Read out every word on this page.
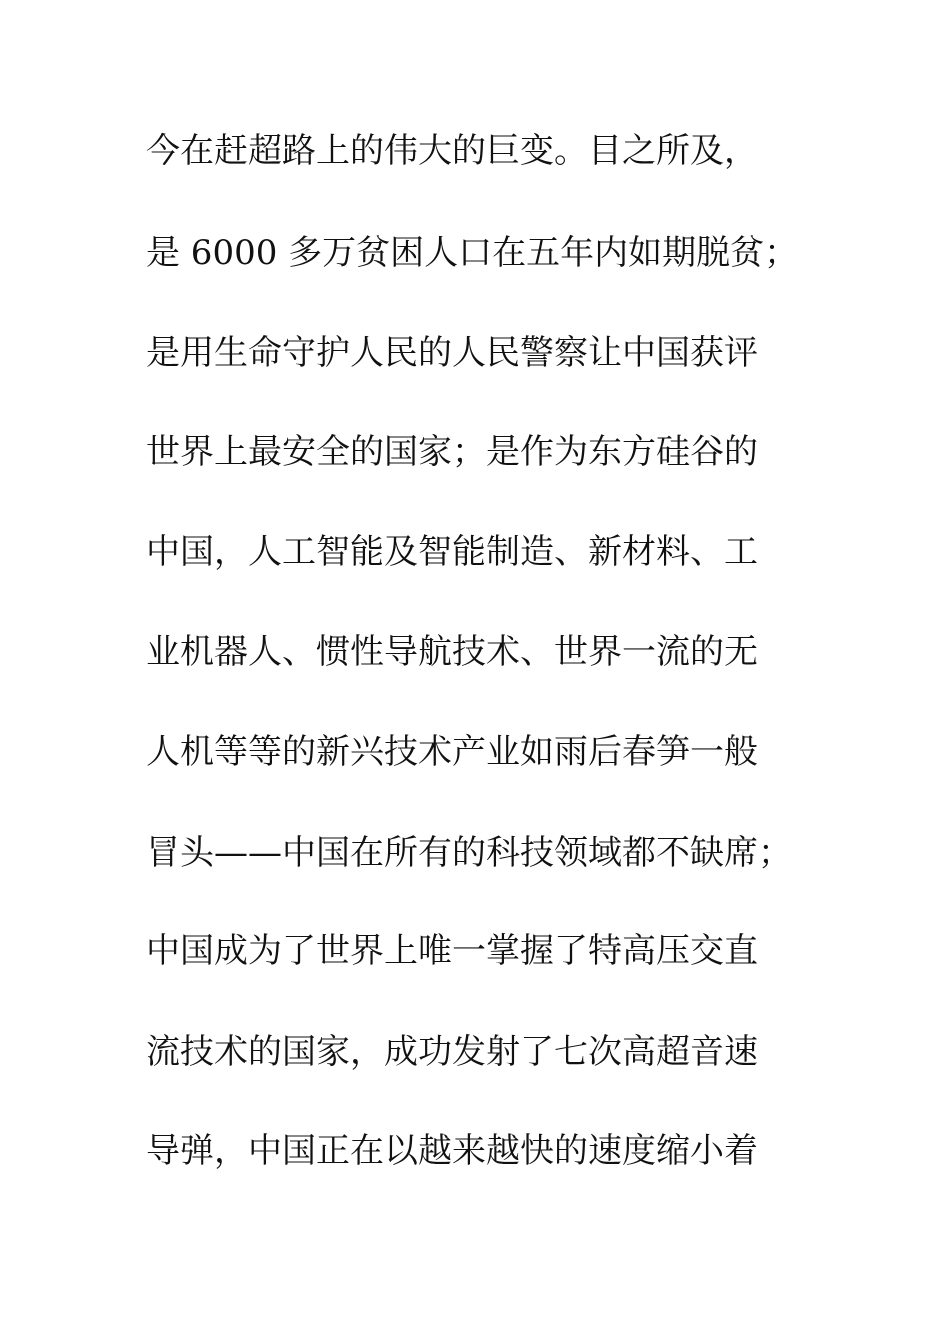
今在赶超路上的伟大的巨变。目之所及，
是 6000 多万贫困人口在五年内如期脱贫；
是用生命守护人民的人民警察让中国获评
世界上最安全的国家；是作为东方硅谷的
中国，人工智能及智能制造、新材料、工
业机器人、惯性导航技术、世界一流的无
人机等等的新兴技术产业如雨后春笋一般
冒头——中国在所有的科技领域都不缺席；
中国成为了世界上唯一掌握了特高压交直
流技术的国家，成功发射了七次高超音速
导弹，中国正在以越来越快的速度缩小着
